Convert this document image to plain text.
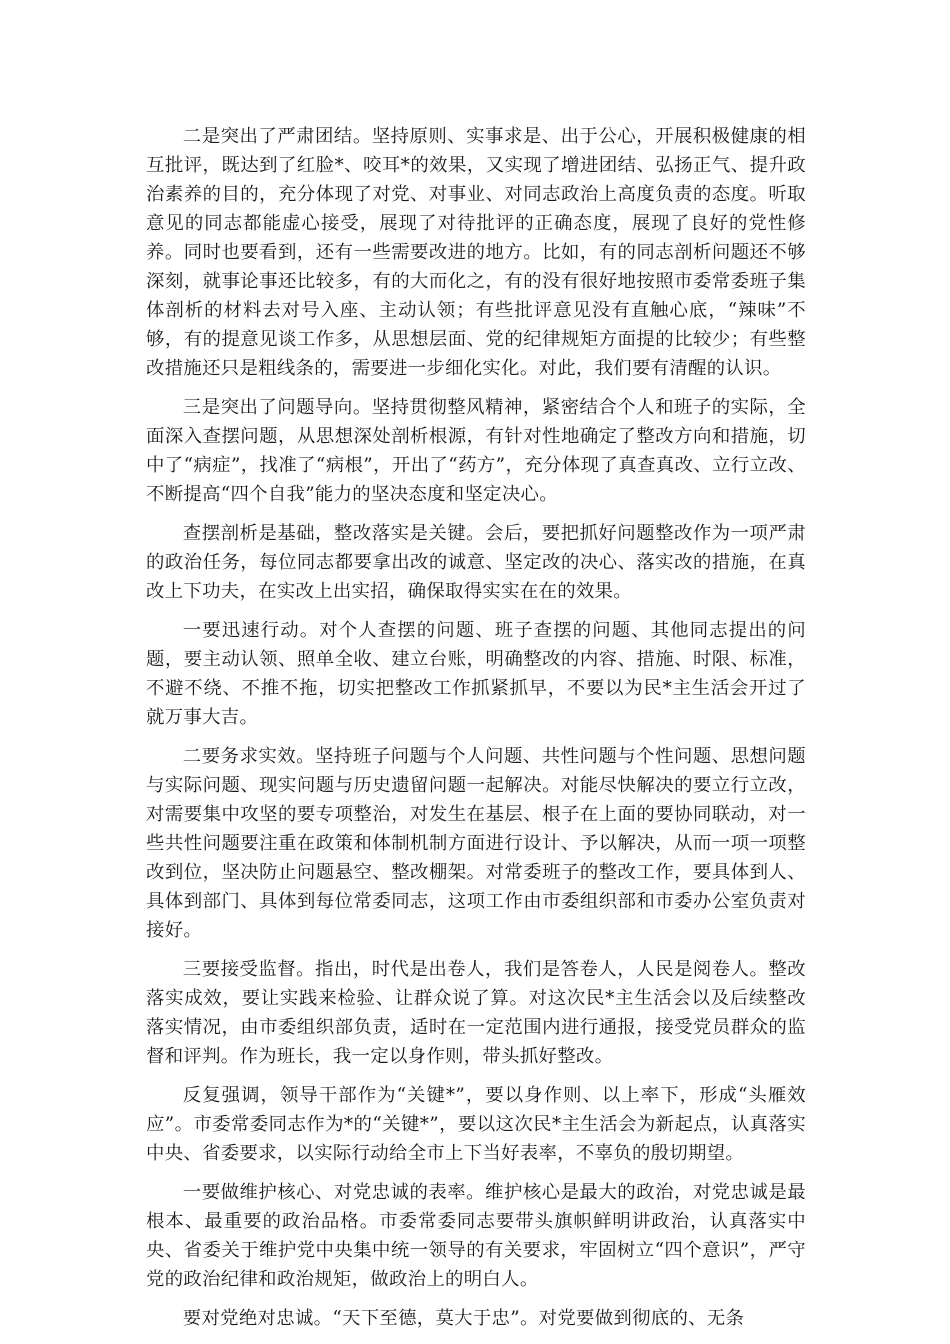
二是突出了严肃团结。坚持原则、实事求是、出于公心，开展积极健康的相互批评，既达到了红脸*、咬耳*的效果，又实现了增进团结、弘扬正气、提升政治素养的目的，充分体现了对党、对事业、对同志政治上高度负责的态度。听取意见的同志都能虚心接受，展现了对待批评的正确态度，展现了良好的党性修养。同时也要看到，还有一些需要改进的地方。比如，有的同志剖析问题还不够深刻，就事论事还比较多，有的大而化之，有的没有很好地按照市委常委班子集体剖析的材料去对号入座、主动认领；有些批评意见没有直触心底，“辣味”不够，有的提意见谈工作多，从思想层面、党的纪律规矩方面提的比较少；有些整改措施还只是粗线条的，需要进一步细化实化。对此，我们要有清醒的认识。

三是突出了问题导向。坚持贯彻整风精神，紧密结合个人和班子的实际，全面深入查摆问题，从思想深处剖析根源，有针对性地确定了整改方向和措施，切中了“病症”，找准了“病根”，开出了“药方”，充分体现了真查真改、立行立改、不断提高“四个自我”能力的坚决态度和坚定决心。

查摆剖析是基础，整改落实是关键。会后，要把抓好问题整改作为一项严肃的政治任务，每位同志都要拿出改的诚意、坚定改的决心、落实改的措施，在真改上下功夫，在实改上出实招，确保取得实实在在的效果。

一要迅速行动。对个人查摆的问题、班子查摆的问题、其他同志提出的问题，要主动认领、照单全收、建立台账，明确整改的内容、措施、时限、标准，不避不绕、不推不拖，切实把整改工作抓紧抓早，不要以为民*主生活会开过了就万事大吉。

二要务求实效。坚持班子问题与个人问题、共性问题与个性问题、思想问题与实际问题、现实问题与历史遗留问题一起解决。对能尽快解决的要立行立改，对需要集中攻坚的要专项整治，对发生在基层、根子在上面的要协同联动，对一些共性问题要注重在政策和体制机制方面进行设计、予以解决，从而一项一项整改到位，坚决防止问题悬空、整改棚架。对常委班子的整改工作，要具体到人、具体到部门、具体到每位常委同志，这项工作由市委组织部和市委办公室负责对接好。

三要接受监督。指出，时代是出卷人，我们是答卷人，人民是阅卷人。整改落实成效，要让实践来检验、让群众说了算。对这次民*主生活会以及后续整改落实情况，由市委组织部负责，适时在一定范围内进行通报，接受党员群众的监督和评判。作为班长，我一定以身作则，带头抓好整改。

反复强调，领导干部作为“关键*”，要以身作则、以上率下，形成“头雁效应”。市委常委同志作为*的“关键*”，要以这次民*主生活会为新起点，认真落实中央、省委要求，以实际行动给全市上下当好表率，不辜负的殷切期望。

一要做维护核心、对党忠诚的表率。维护核心是最大的政治，对党忠诚是最根本、最重要的政治品格。市委常委同志要带头旗帜鲜明讲政治，认真落实中央、省委关于维护党中央集中统一领导的有关要求，牢固树立“四个意识”，严守党的政治纪律和政治规矩，做政治上的明白人。

要对党绝对忠诚。“天下至德，莫大于忠”。对党要做到彻底的、无条
